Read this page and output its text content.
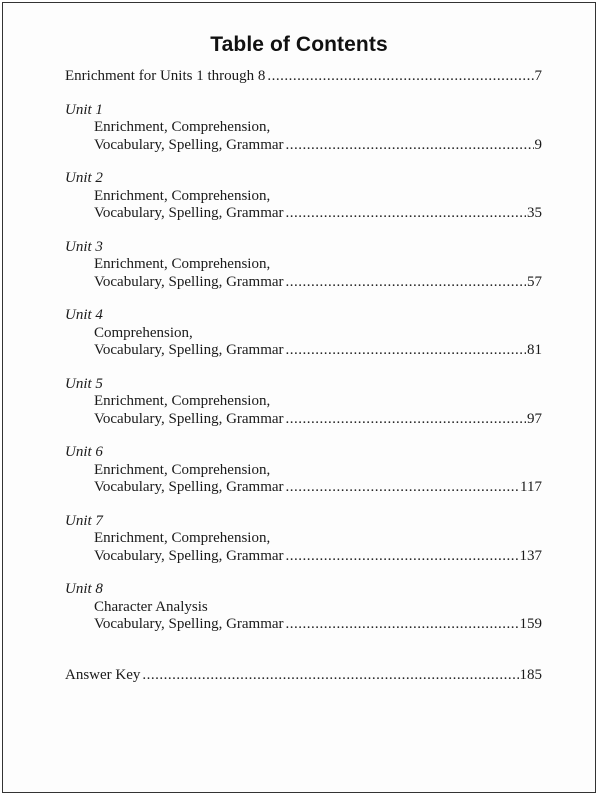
Table of Contents
Enrichment for Units 1 through 8 .....	7
Unit 1
Enrichment, Comprehension,
Vocabulary, Spelling, Grammar .....	9
Unit 2
Enrichment, Comprehension,
Vocabulary, Spelling, Grammar .....	35
Unit 3
Enrichment, Comprehension,
Vocabulary, Spelling, Grammar .....	57
Unit 4
Comprehension,
Vocabulary, Spelling, Grammar .....	81
Unit 5
Enrichment, Comprehension,
Vocabulary, Spelling, Grammar .....	97
Unit 6
Enrichment, Comprehension,
Vocabulary, Spelling, Grammar .....	117
Unit 7
Enrichment, Comprehension,
Vocabulary, Spelling, Grammar .....	137
Unit 8
Character Analysis
Vocabulary, Spelling, Grammar .....	159
Answer Key .....	185
